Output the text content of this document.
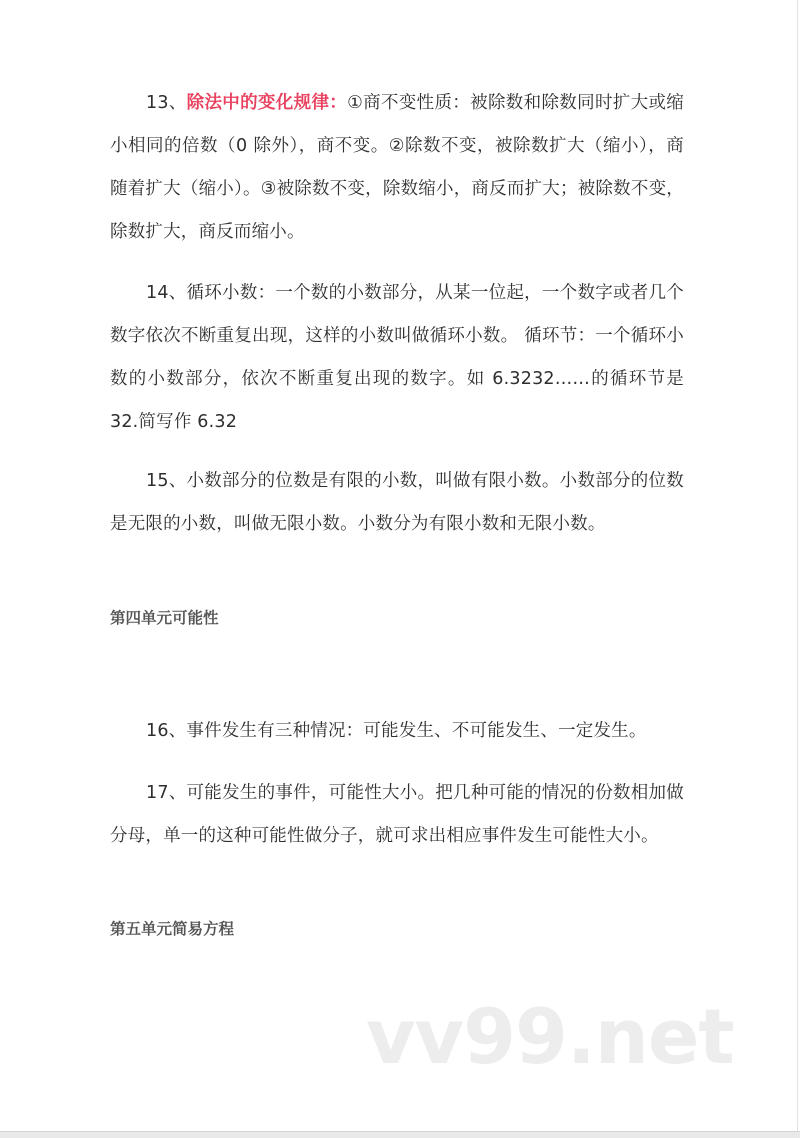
13、除法中的变化规律：①商不变性质：被除数和除数同时扩大或缩小相同的倍数（0 除外），商不变。②除数不变，被除数扩大（缩小），商随着扩大（缩小）。③被除数不变，除数缩小，商反而扩大；被除数不变，除数扩大，商反而缩小。

14、循环小数：一个数的小数部分，从某一位起，一个数字或者几个数字依次不断重复出现，这样的小数叫做循环小数。 循环节：一个循环小数的小数部分，依次不断重复出现的数字。如 6.3232……的循环节是 32.简写作 6.32

15、小数部分的位数是有限的小数，叫做有限小数。小数部分的位数是无限的小数，叫做无限小数。小数分为有限小数和无限小数。

第四单元可能性

16、事件发生有三种情况：可能发生、不可能发生、一定发生。

17、可能发生的事件，可能性大小。把几种可能的情况的份数相加做分母，单一的这种可能性做分子，就可求出相应事件发生可能性大小。

第五单元简易方程
vv99.net
